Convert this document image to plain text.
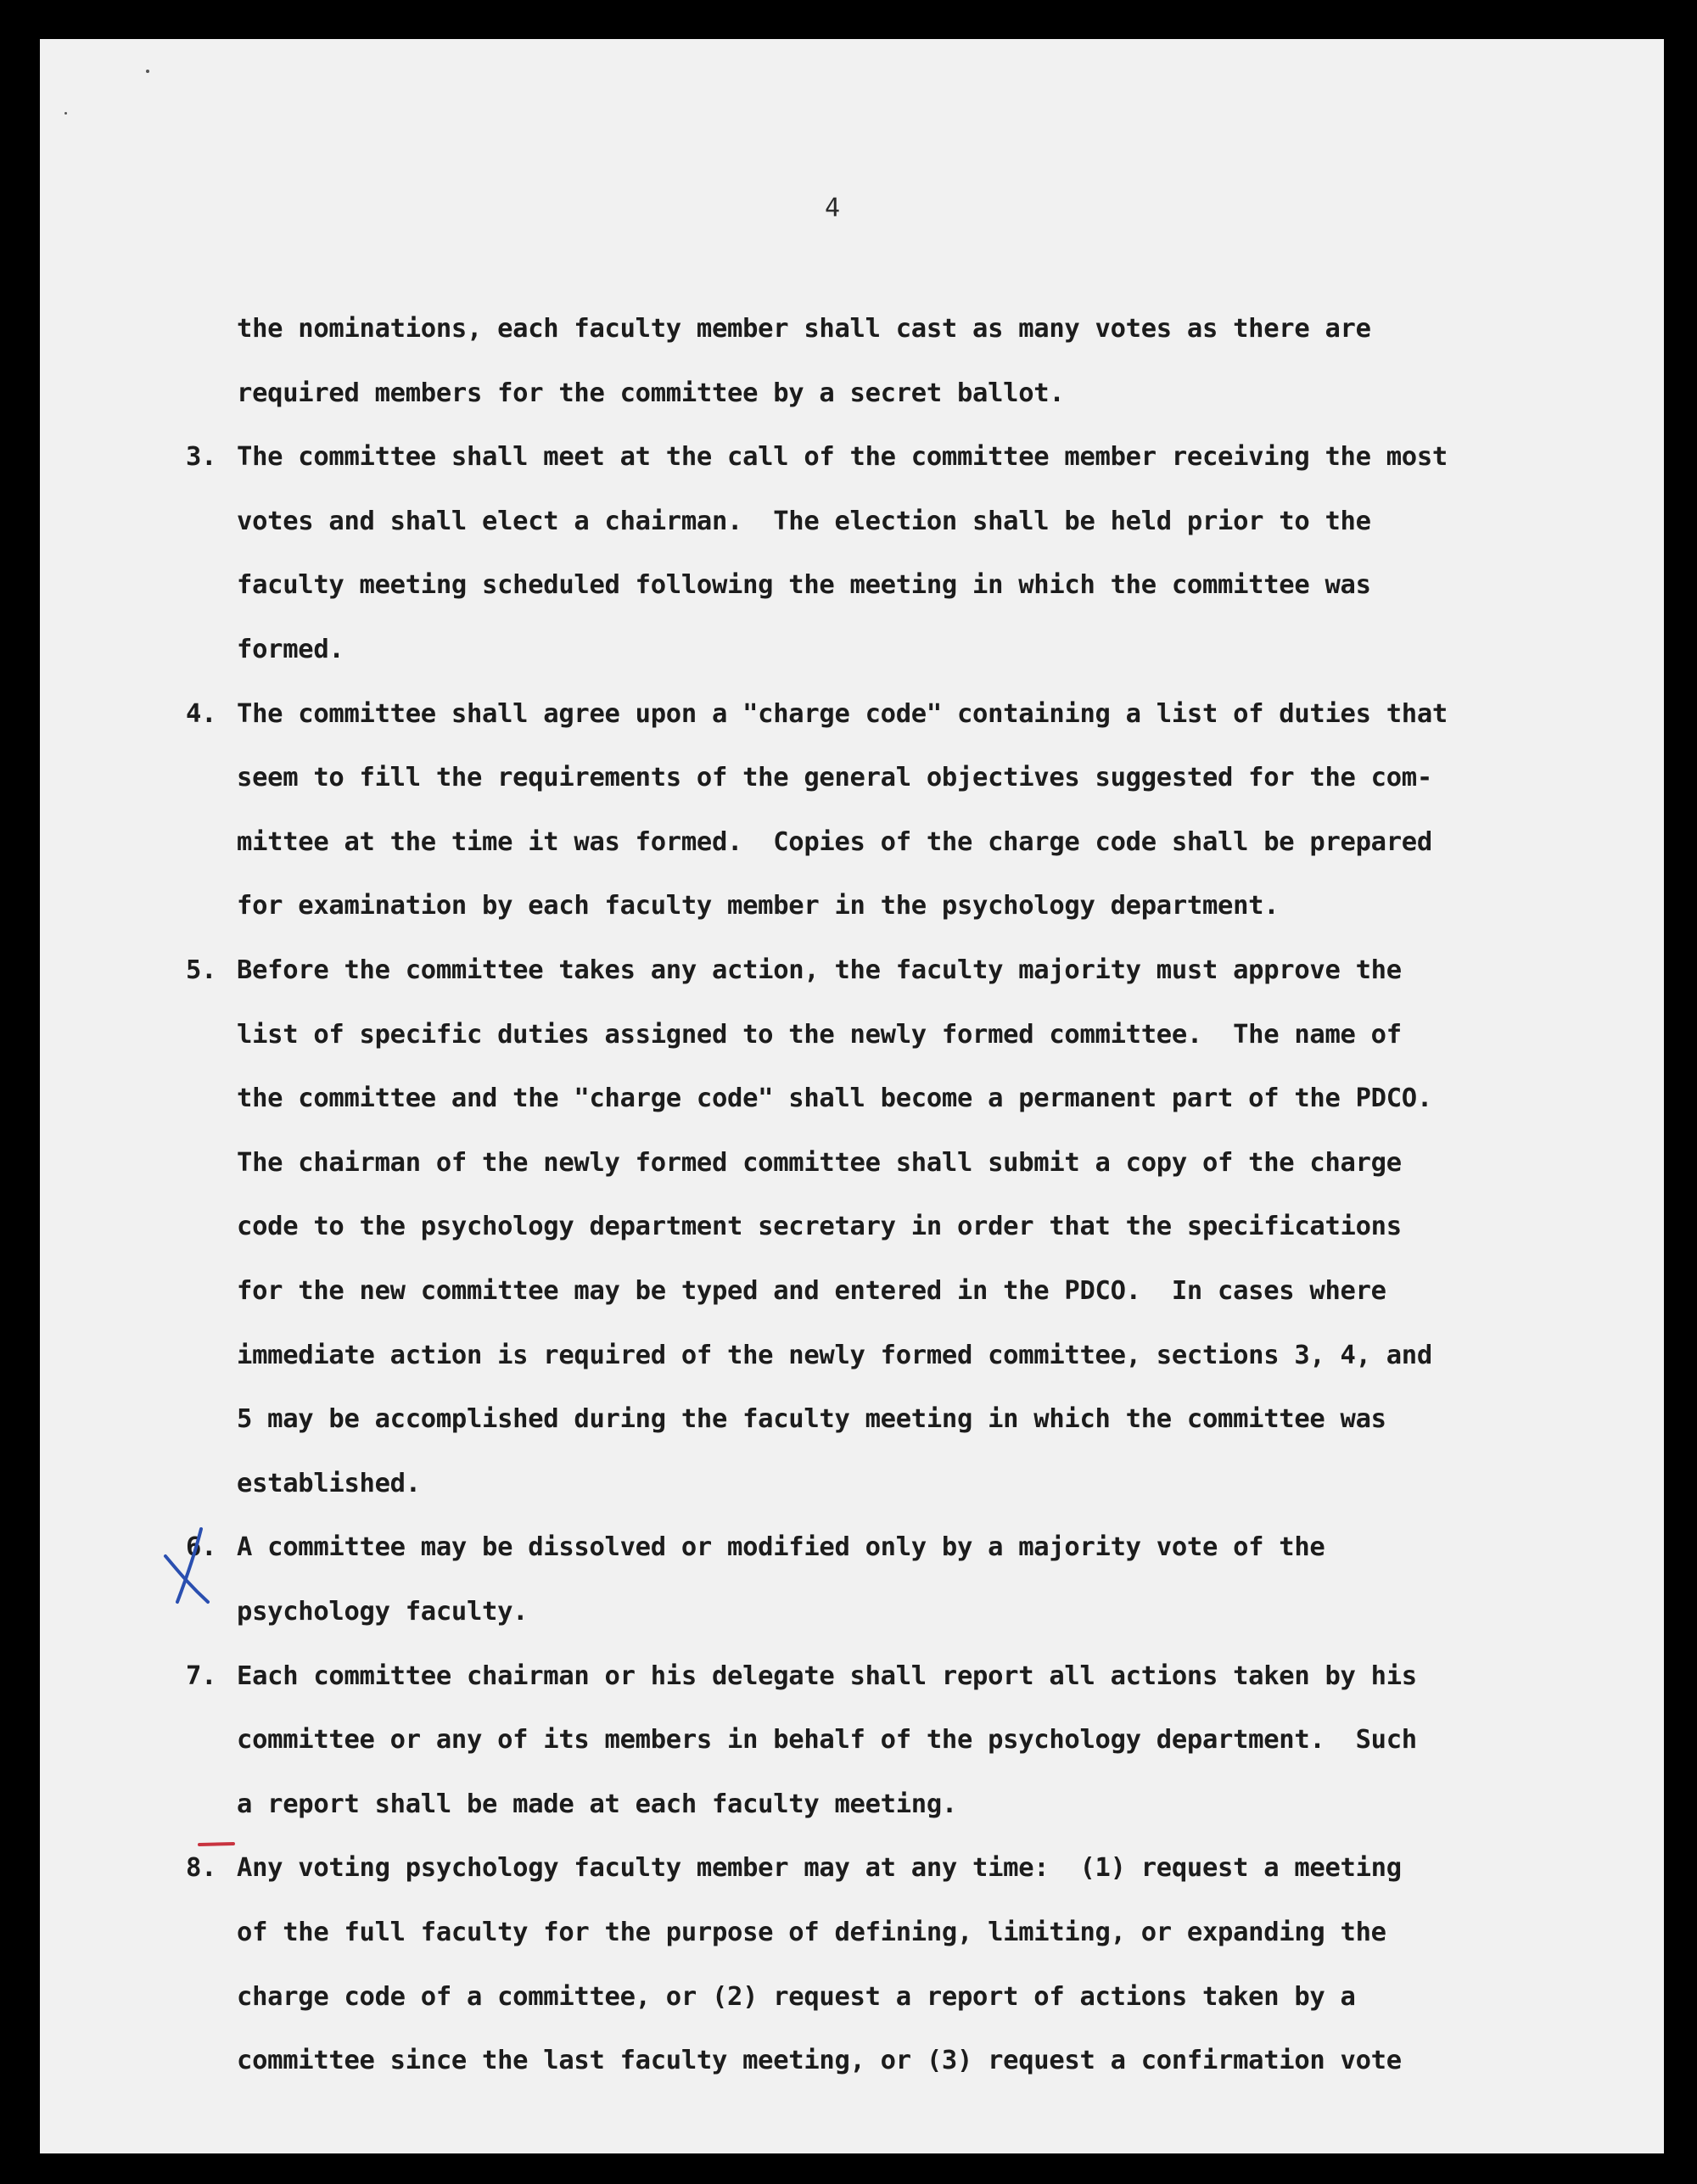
4
the nominations, each faculty member shall cast as many votes as there are
required members for the committee by a secret ballot.
3. The committee shall meet at the call of the committee member receiving the most
votes and shall elect a chairman.  The election shall be held prior to the
faculty meeting scheduled following the meeting in which the committee was
formed.
4. The committee shall agree upon a "charge code" containing a list of duties that
seem to fill the requirements of the general objectives suggested for the com-
mittee at the time it was formed.  Copies of the charge code shall be prepared
for examination by each faculty member in the psychology department.
5. Before the committee takes any action, the faculty majority must approve the
list of specific duties assigned to the newly formed committee.  The name of
the committee and the "charge code" shall become a permanent part of the PDCO.
The chairman of the newly formed committee shall submit a copy of the charge
code to the psychology department secretary in order that the specifications
for the new committee may be typed and entered in the PDCO.  In cases where
immediate action is required of the newly formed committee, sections 3, 4, and
5 may be accomplished during the faculty meeting in which the committee was
established.
6. A committee may be dissolved or modified only by a majority vote of the
psychology faculty.
7. Each committee chairman or his delegate shall report all actions taken by his
committee or any of its members in behalf of the psychology department.  Such
a report shall be made at each faculty meeting.
8. Any voting psychology faculty member may at any time:  (1) request a meeting
of the full faculty for the purpose of defining, limiting, or expanding the
charge code of a committee, or (2) request a report of actions taken by a
committee since the last faculty meeting, or (3) request a confirmation vote
